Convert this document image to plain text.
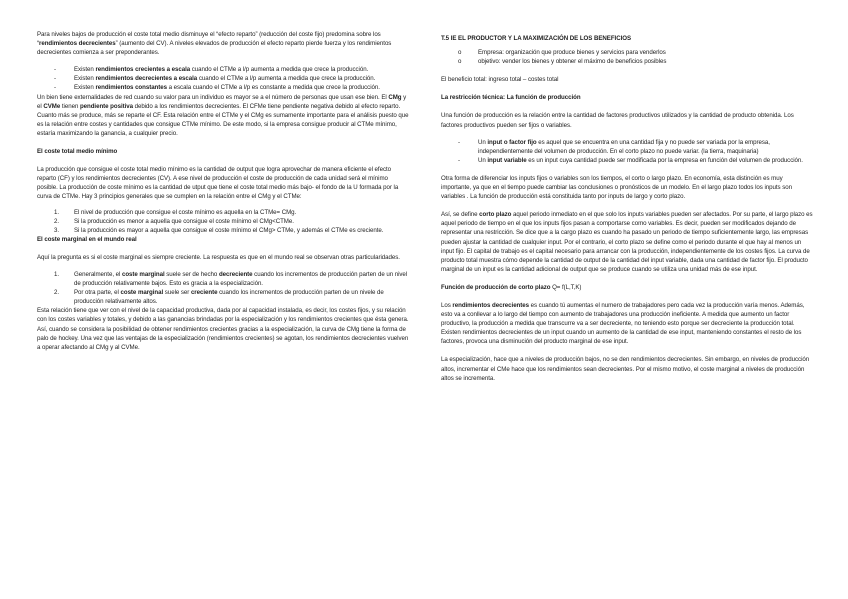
Para niveles bajos de producción el coste total medio disminuye el “efecto reparto” (reducción del coste fijo) predomina sobre los “rendimientos decrecientes” (aumento del CV). A niveles elevados de producción el efecto reparto pierde fuerza y los rendimientos decrecientes comienza a ser preponderantes.

- Existen rendimientos crecientes a escala cuando el CTMe a l/p aumenta a medida que crece la producción.
- Existen rendimientos decrecientes a escala cuando el CTMe a l/p aumenta a medida que crece la producción.
- Existen rendimientos constantes a escala cuando el CTMe a l/p es constante a medida que crece la producción.

Un bien tiene externalidades de red cuando su valor para un individuo es mayor se a el número de personas que usan ese bien. El CMg y el CVMe tienen pendiente positiva debido a los rendimientos decrecientes. El CFMe tiene pendiente negativa debido al efecto reparto. Cuanto más se produce, más se reparte el CF. Esta relación entre el CTMe y el CMg es sumamente importante para el análisis puesto que es la relación entre costes y cantidades que consigue CTMe mínimo. De este modo, si la empresa consigue producir al CTMe mínimo, estaría maximizando la ganancia, a cualquier precio.

El coste total medio mínimo

La producción que consigue el coste total medio mínimo es la cantidad de output que logra aprovechar de manera eficiente el efecto reparto (CF) y los rendimientos decrecientes (CV). A ese nivel de producción el coste de producción de cada unidad será el mínimo posible. La producción de coste mínimo es la cantidad de utput que tiene el coste total medio más bajo- el fondo de la U formada por la curva de CTMe. Hay 3 principios generales que se cumplen en la relación entre el CMg y el CTMe:

1. El nivel de producción que consigue el coste mínimo es aquella en la CTMe= CMg.
2. Si la producción es menor a aquella que consigue el coste mínimo el CMg<CTMe.
3. Si la producción es mayor a aquella que consigue el coste mínimo el CMg> CTMe, y además el CTMe es creciente.

El coste marginal en el mundo real

Aquí la pregunta es si el coste marginal es siempre creciente. La respuesta es que en el mundo real se observan otras particularidades.

1. Generalmente, el coste marginal suele ser de hecho decreciente cuando los incrementos de producción parten de un nivel de producción relativamente bajos. Esto es gracia a la especialización.
2. Por otra parte, el coste marginal suele ser creciente cuando los incrementos de producción parten de un nivele de producción relativamente altos.

Esta relación tiene que ver con el nivel de la capacidad productiva, dada por al capacidad instalada, es decir, los costes fijos, y su relación con los costes variables y totales, y debido a las ganancias brindadas por la especialización y los rendimientos crecientes que ésta genera. Así, cuando se considera la posibilidad de obtener rendimientos crecientes gracias a la especialización, la curva de CMg tiene la forma de palo de hockey. Una vez que las ventajas de la especialización (rendimientos crecientes) se agotan, los rendimientos decrecientes vuelven a operar afectando al CMg y al CVMe.

T.5 IE EL PRODUCTOR Y LA MAXIMIZACIÓN DE LOS BENEFICIOS

o Empresa: organización que produce bienes y servicios para venderlos
o objetivo: vender los bienes y obtener el máximo de beneficios posibles

El beneficio total: ingreso total – costes total

La restricción técnica: La función de producción

Una función de producción es la relación entre la cantidad de factores productivos utilizados y la cantidad de producto obtenida. Los factores productivos pueden ser fijos o variables.

- Un input o factor fijo es aquel que se encuentra en una cantidad fija y no puede ser variada por la empresa, independientemente del volumen de producción. En el corto plazo no puede variar. (la tierra, maquinaria)
- Un input variable es un input cuya cantidad puede ser modificada por la empresa en función del volumen de producción.

Otra forma de diferenciar los inputs fijos o variables son los tiempos, el corto o largo plazo. En economía, esta distinción es muy importante, ya que en el tiempo puede cambiar las conclusiones o pronósticos de un modelo. En el largo plazo todos los inputs son variables . La función de producción está constituida tanto por inputs de largo y corto plazo.

Así, se define corto plazo aquel periodo inmediato en el que solo los inputs variables pueden ser afectados. Por su parte, el largo plazo es aquel periodo de tiempo en el que los inputs fijos pasan a comportarse como variables. Es decir, pueden ser modificados dejando de representar una restricción. Se dice que a la cargo plazo es cuando ha pasado un periodo de tiempo suficientemente largo, las empresas pueden ajustar la cantidad de cualquier input. Por el contrario, el corto plazo se define como el periodo durante el que hay al menos un input fijo. El capital de trabajo es el capital necesario para arrancar con la producción, independientemente de los costes fijos. La curva de producto total muestra cómo depende la cantidad de output de la cantidad del input variable, dada una cantidad de factor fijo. El producto marginal de un input es la cantidad adicional de output que se produce cuando se utiliza una unidad más de ese input.

Función de producción de corto plazo Q= f(L,T,K)

Los rendimientos decrecientes es cuando tú aumentas el numero de trabajadores pero cada vez la producción varía menos. Además, esto va a conllevar a lo largo del tiempo con aumento de trabajadores una producción ineficiente. A medida que aumento un factor productivo, la producción a medida que transcurre va a ser decreciente, no teniendo esto porque ser decreciente la producción total. Existen rendimientos decrecientes de un input cuando un aumento de la cantidad de ese input, manteniendo constantes el resto de los factores, provoca una disminución del producto marginal de ese input.

La especialización, hace que a niveles de producción bajos, no se den rendimientos decrecientes. Sin embargo, en niveles de producción altos, incrementar el CMe hace que los rendimientos sean decrecientes. Por el mismo motivo, el coste marginal a niveles de producción altos se incrementa.
